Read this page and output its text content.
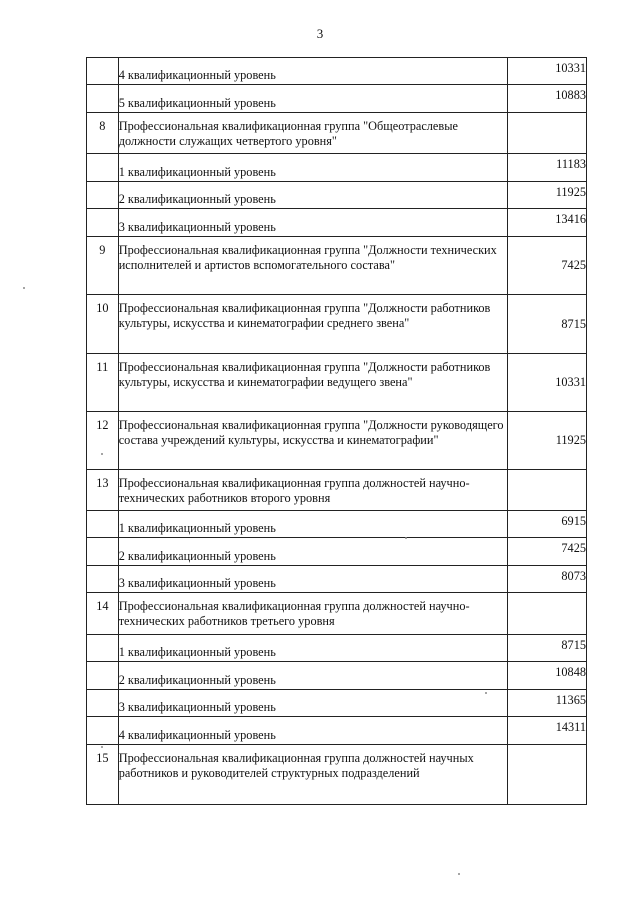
3
	4 квалификационный уровень	10331
	5 квалификационный уровень	10883
8	Профессиональная квалификационная группа "Общеотраслевые должности служащих четвертого уровня"	
	1 квалификационный уровень	11183
	2 квалификационный уровень	11925
	3 квалификационный уровень	13416
9	Профессиональная квалификационная группа "Должности технических исполнителей и артистов вспомогательного состава"	7425
10	Профессиональная квалификационная группа "Должности работников культуры, искусства и кинематографии среднего звена"	8715
11	Профессиональная квалификационная группа "Должности работников культуры, искусства и кинематографии ведущего звена"	10331
12	Профессиональная квалификационная группа "Должности руководящего состава учреждений культуры, искусства и кинематографии"	11925
13	Профессиональная квалификационная группа должностей научно-технических работников второго уровня	
	1 квалификационный уровень	6915
	2 квалификационный уровень	7425
	3 квалификационный уровень	8073
14	Профессиональная квалификационная группа должностей научно-технических работников третьего уровня	
	1 квалификационный уровень	8715
	2 квалификационный уровень	10848
	3 квалификационный уровень	11365
	4 квалификационный уровень	14311
15	Профессиональная квалификационная группа должностей научных работников и руководителей структурных подразделений	
